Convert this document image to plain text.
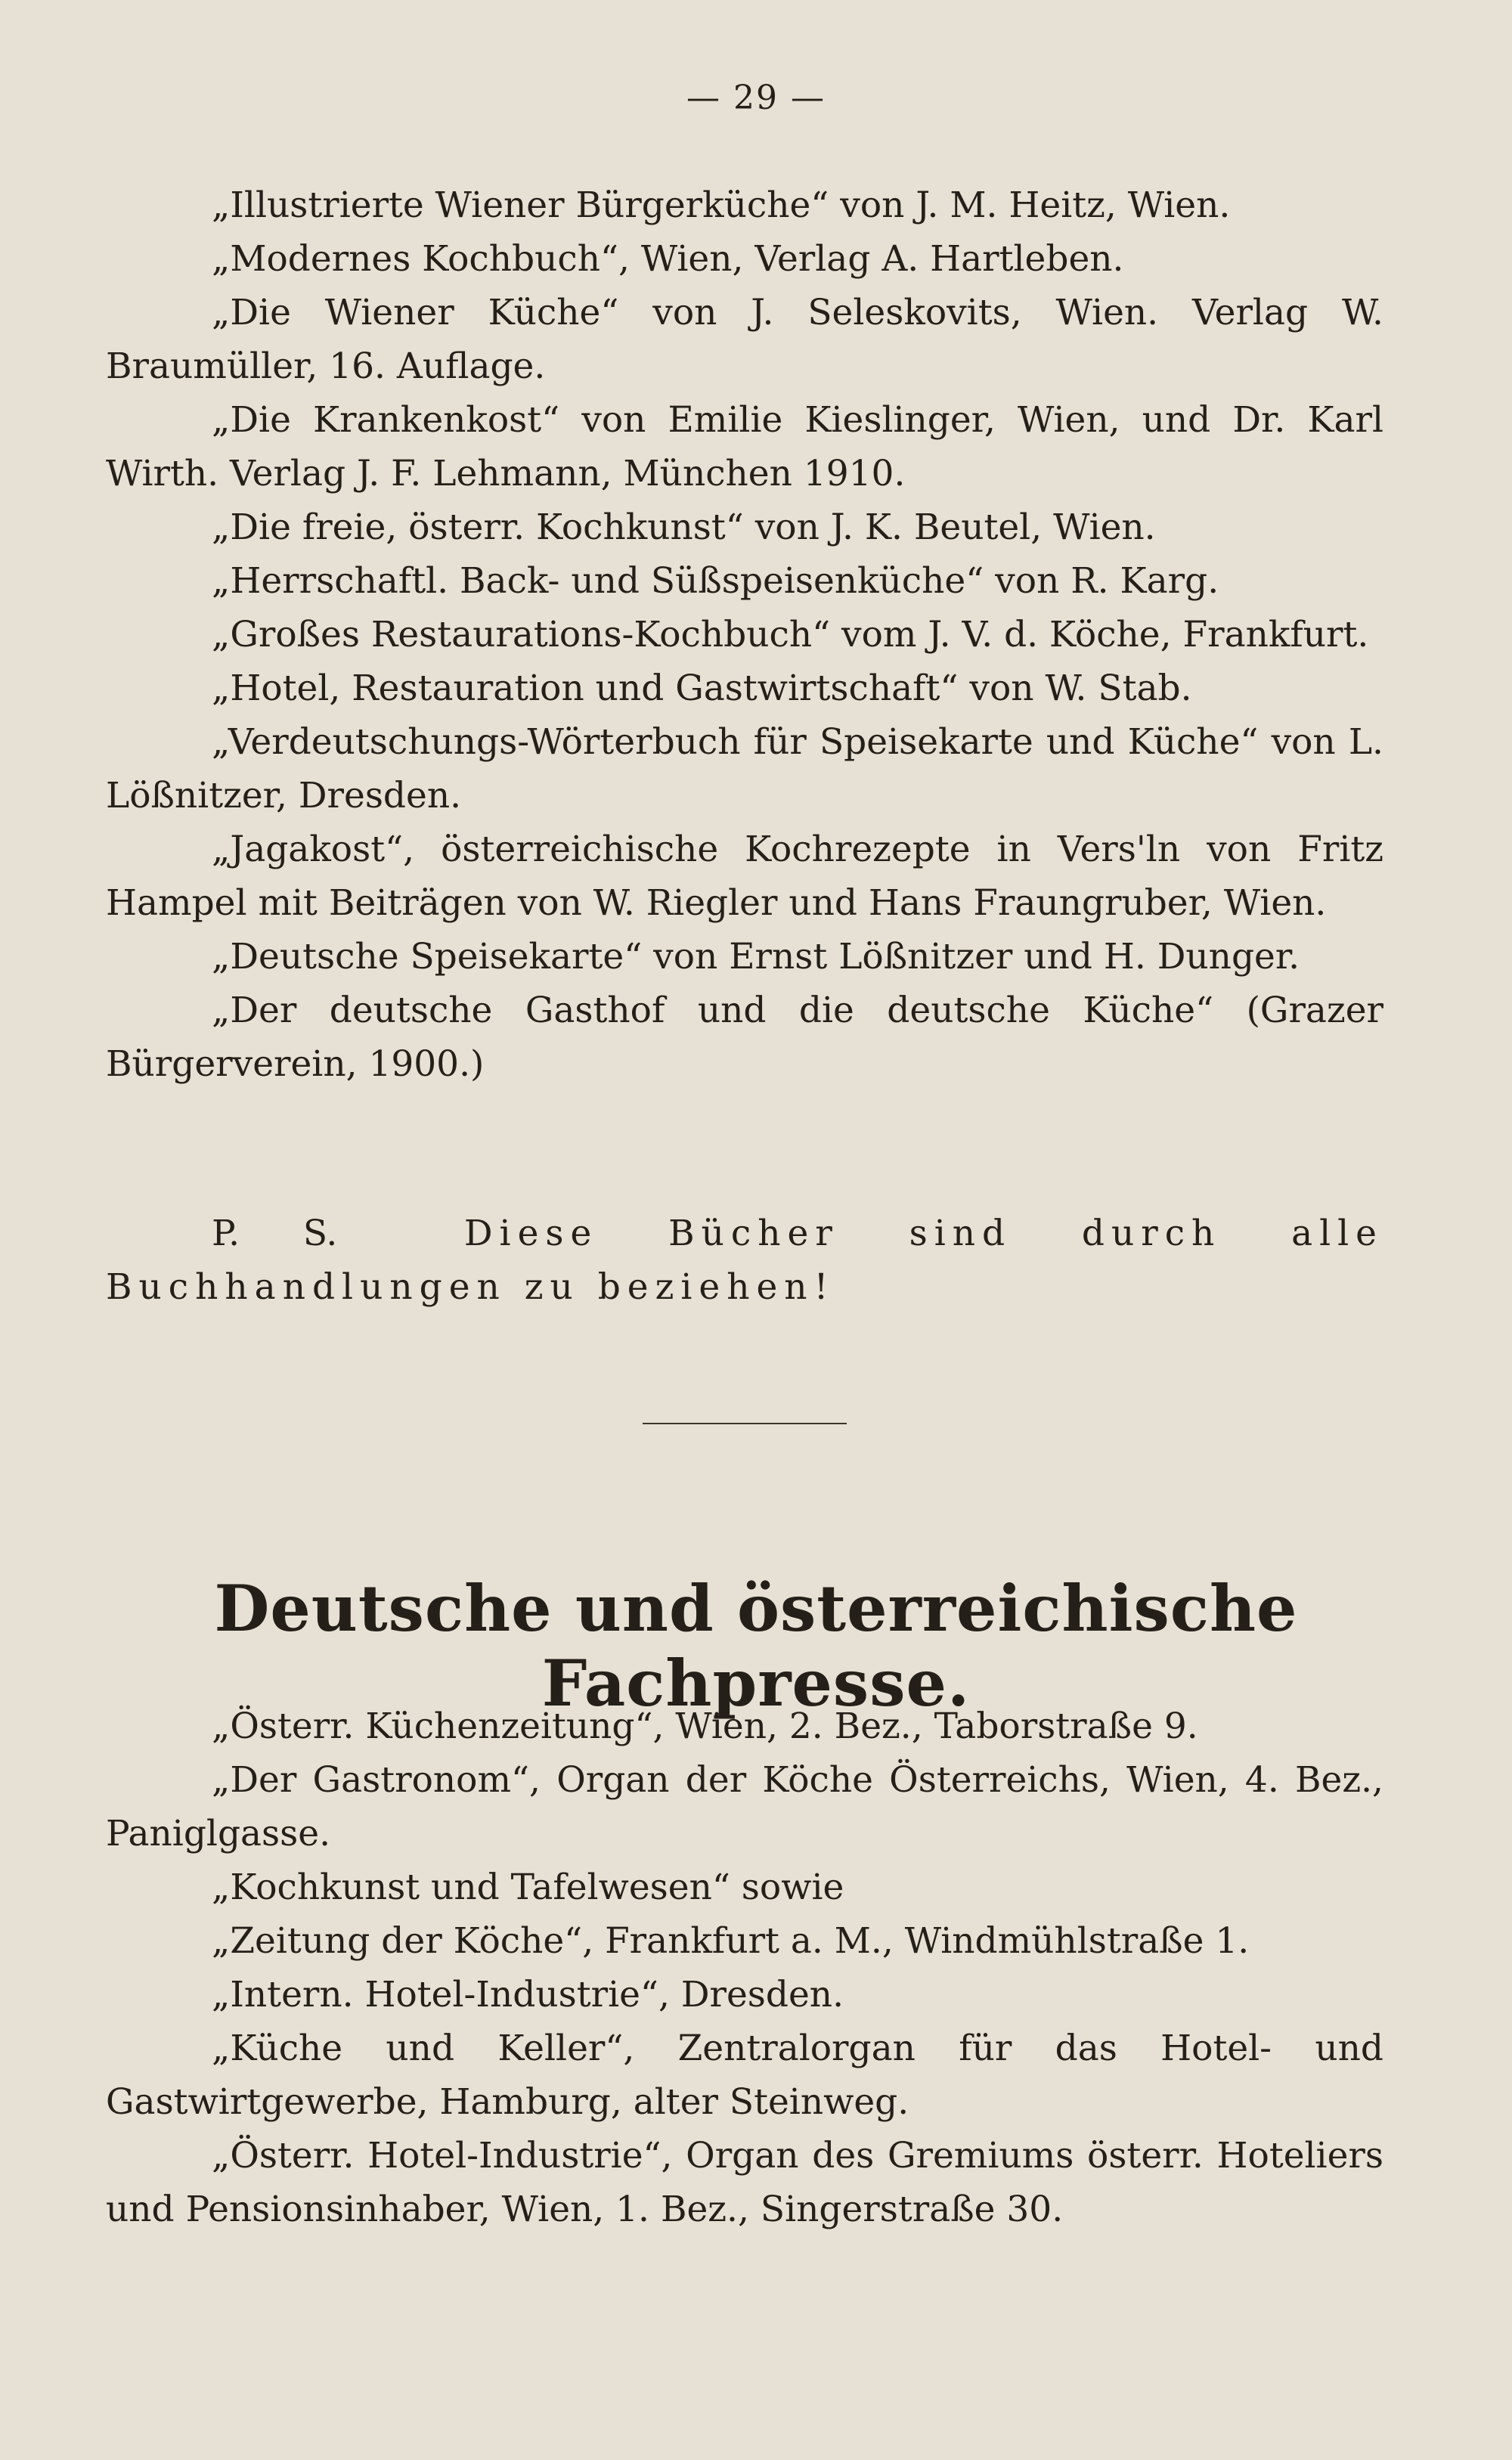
— 29 —

„Illustrierte Wiener Bürgerküche“ von J. M. Heitz, Wien.

„Modernes Kochbuch“, Wien, Verlag A. Hartleben.

„Die Wiener Küche“ von J. Seleskovits, Wien. Verlag W. Braumüller, 16. Auflage.

„Die Krankenkost“ von Emilie Kieslinger, Wien, und Dr. Karl Wirth. Verlag J. F. Lehmann, München 1910.

„Die freie, österr. Kochkunst“ von J. K. Beutel, Wien.

„Herrschaftl. Back- und Süßspeisenküche“ von R. Karg.

„Großes Restaurations-Kochbuch“ vom J. V. d. Köche, Frankfurt.

„Hotel, Restauration und Gastwirtschaft“ von W. Stab.

„Verdeutschungs-Wörterbuch für Speisekarte und Küche“ von L. Lößnitzer, Dresden.

„Jagakost“, österreichische Kochrezepte in Vers'ln von Fritz Hampel mit Beiträgen von W. Riegler und Hans Fraungruber, Wien.

„Deutsche Speisekarte“ von Ernst Lößnitzer und H. Dunger.

„Der deutsche Gasthof und die deutsche Küche“ (Grazer Bürgerverein, 1900.)

P. S.	Diese Bücher sind durch alle Buchhandlungen zu beziehen!

Deutsche und österreichische Fachpresse.

„Österr. Küchenzeitung“, Wien, 2. Bez., Taborstraße 9.

„Der Gastronom“, Organ der Köche Österreichs, Wien, 4. Bez., Paniglgasse.

„Kochkunst und Tafelwesen“ sowie

„Zeitung der Köche“, Frankfurt a. M., Windmühlstraße 1.

„Intern. Hotel-Industrie“, Dresden.

„Küche und Keller“, Zentralorgan für das Hotel- und Gastwirtgewerbe, Hamburg, alter Steinweg.

„Österr. Hotel-Industrie“, Organ des Gremiums österr. Hoteliers und Pensionsinhaber, Wien, 1. Bez., Singerstraße 30.
